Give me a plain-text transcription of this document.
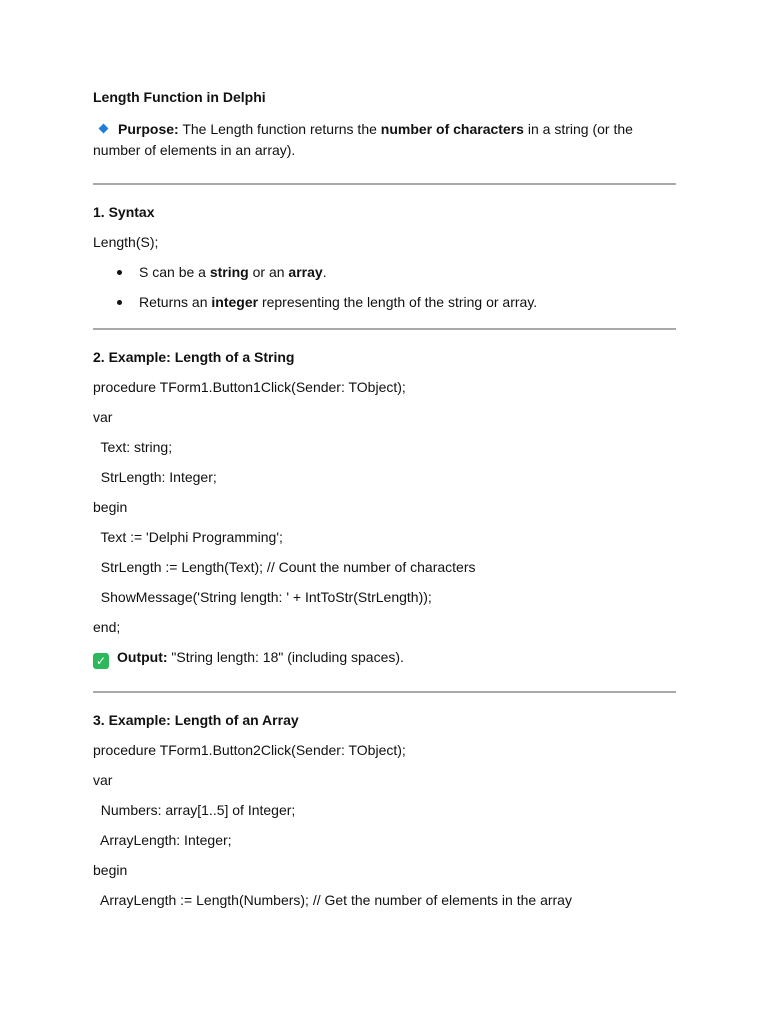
Length Function in Delphi
Purpose: The Length function returns the number of characters in a string (or the
number of elements in an array).
1. Syntax
Length(S);
S can be a string or an array.
Returns an integer representing the length of the string or array.
2. Example: Length of a String
procedure TForm1.Button1Click(Sender: TObject);
var
Text: string;
StrLength: Integer;
begin
Text := 'Delphi Programming';
StrLength := Length(Text); // Count the number of characters
ShowMessage('String length: ' + IntToStr(StrLength));
end;
✓ Output: "String length: 18" (including spaces).
3. Example: Length of an Array
procedure TForm1.Button2Click(Sender: TObject);
var
Numbers: array[1..5] of Integer;
ArrayLength: Integer;
begin
ArrayLength := Length(Numbers); // Get the number of elements in the array
